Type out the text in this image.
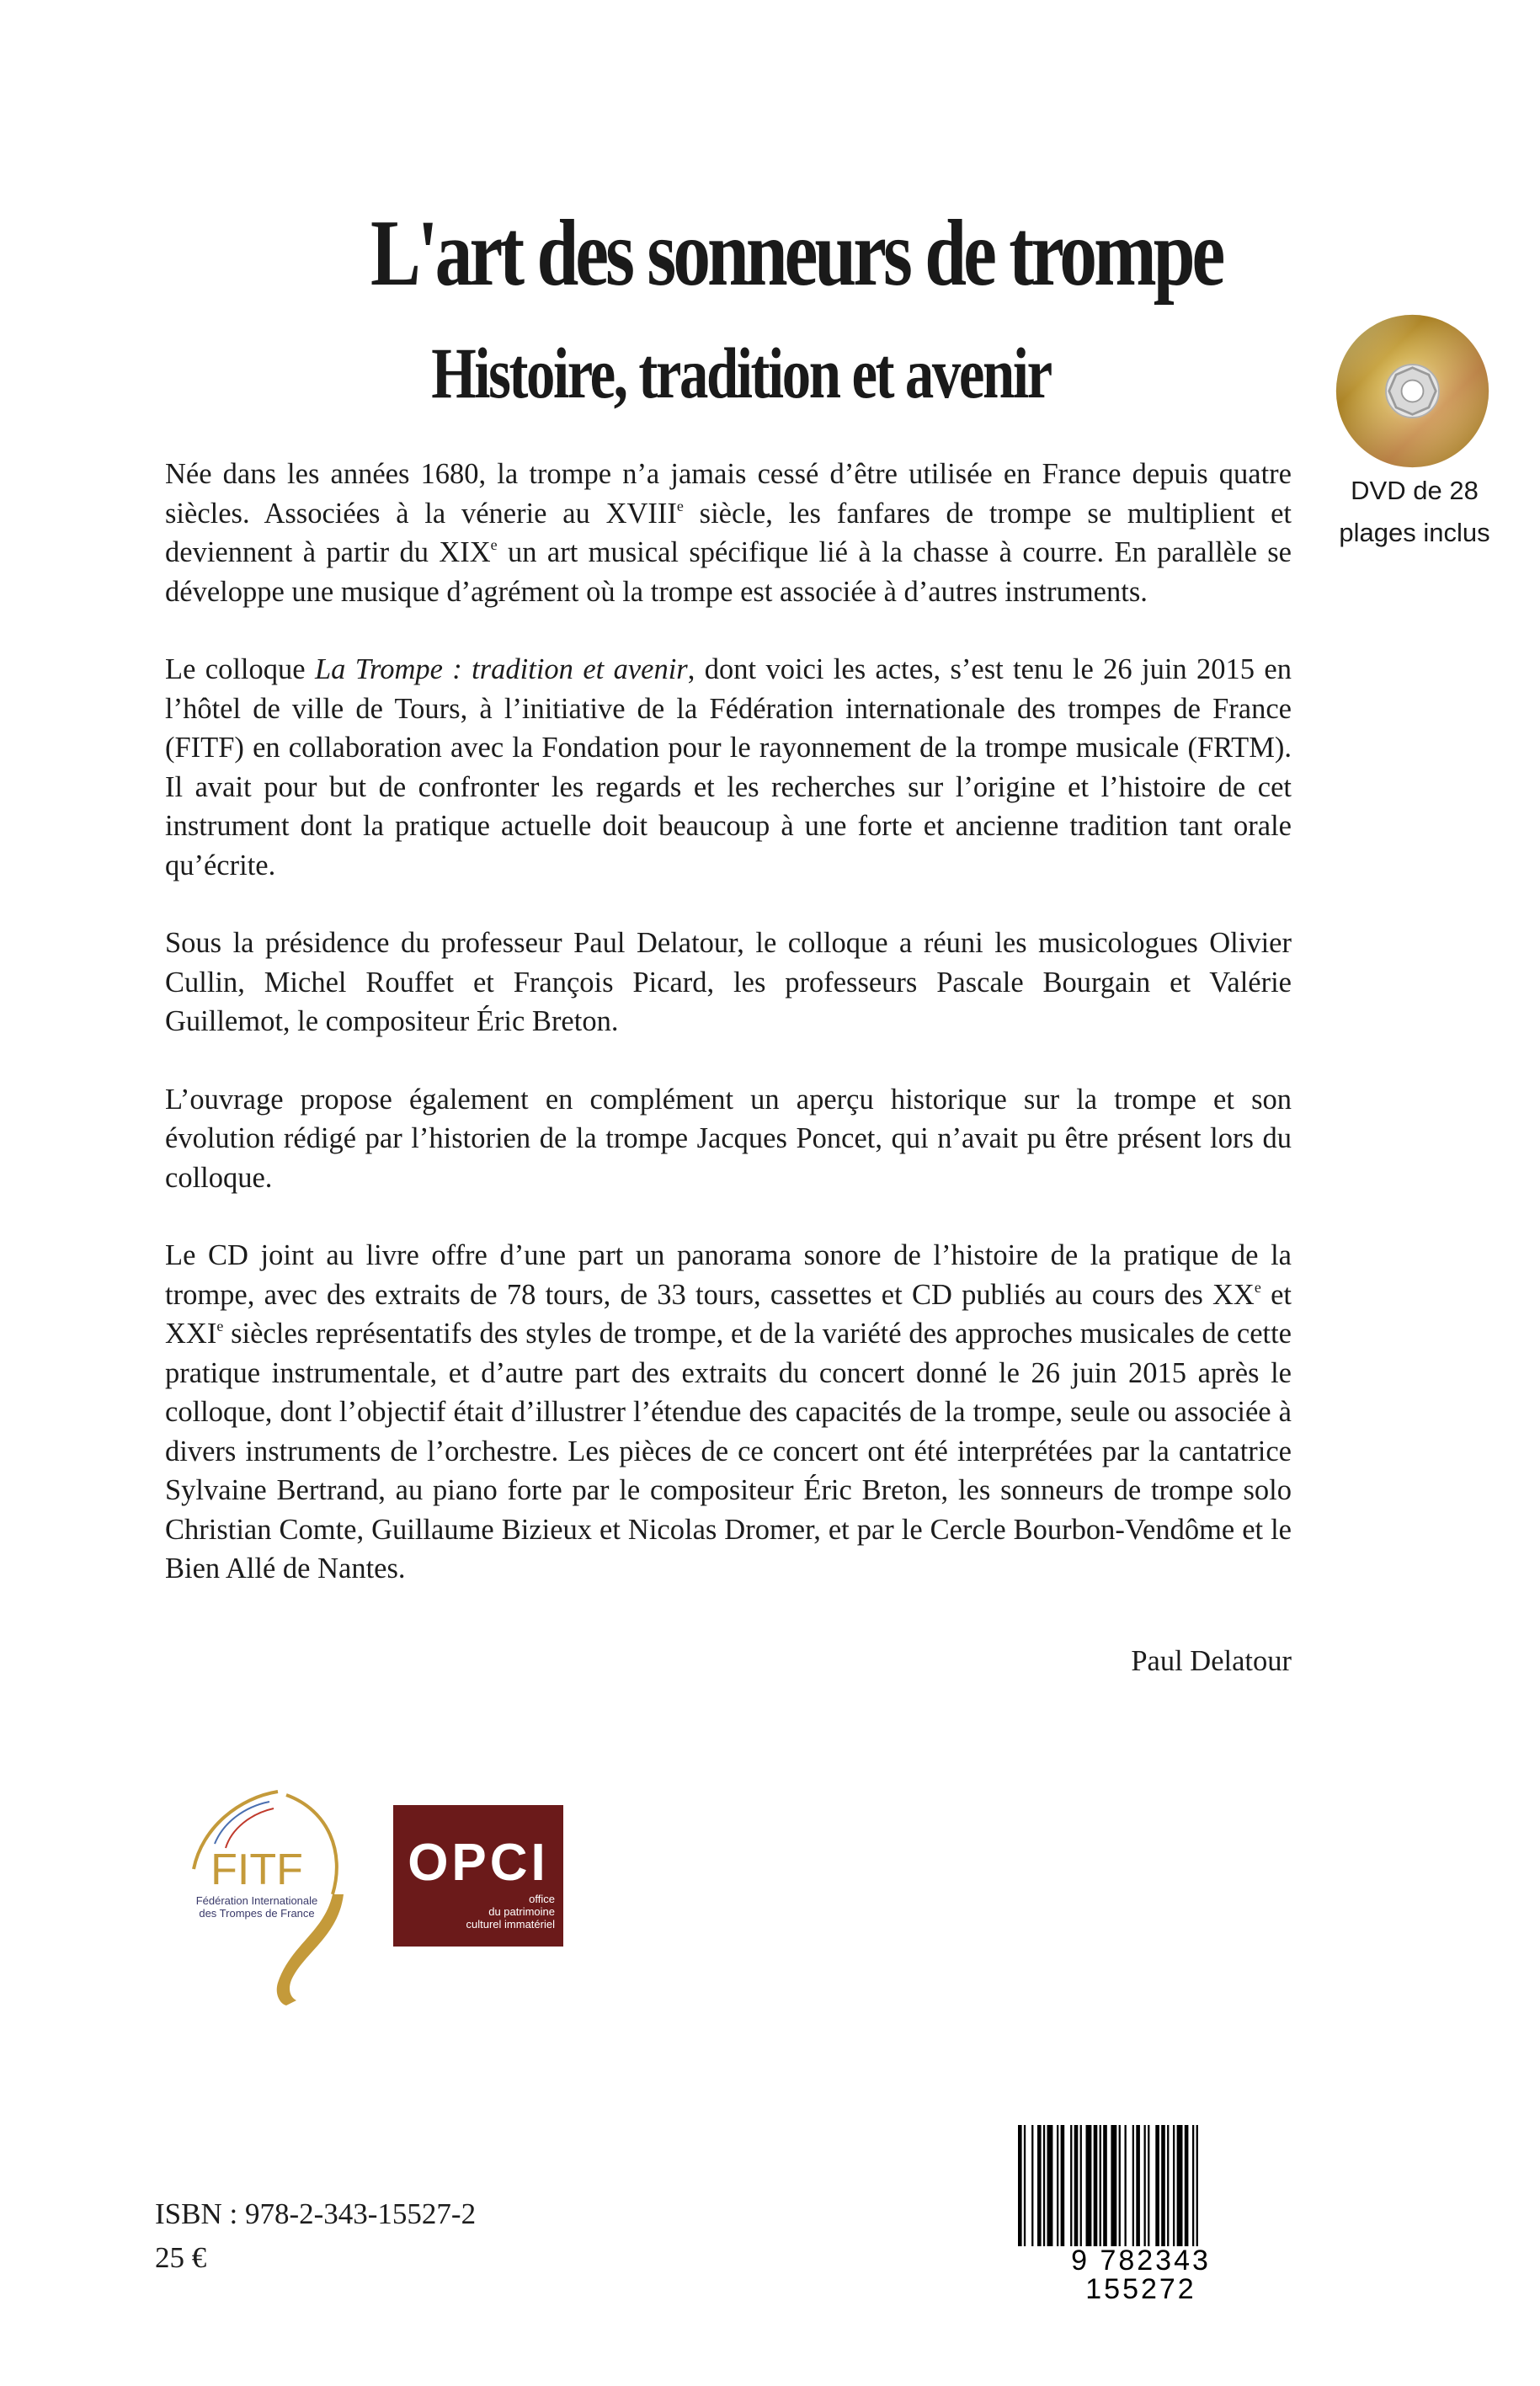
L'art des sonneurs de trompe
Histoire, tradition et avenir
DVD de 28
plages inclus

Née dans les années 1680, la trompe n’a jamais cessé d’être utilisée en France depuis quatre siècles. Associées à la vénerie au XVIIIe siècle, les fanfares de trompe se multiplient et deviennent à partir du XIXe un art musical spécifique lié à la chasse à courre. En parallèle se développe une musique d’agrément où la trompe est associée à d’autres instruments.

Le colloque La Trompe : tradition et avenir, dont voici les actes, s’est tenu le 26 juin 2015 en l’hôtel de ville de Tours, à l’initiative de la Fédération internationale des trompes de France (FITF) en collaboration avec la Fondation pour le rayonnement de la trompe musicale (FRTM). Il avait pour but de confronter les regards et les recherches sur l’origine et l’histoire de cet instrument dont la pratique actuelle doit beaucoup à une forte et ancienne tradition tant orale qu’écrite.

Sous la présidence du professeur Paul Delatour, le colloque a réuni les musicologues Olivier Cullin, Michel Rouffet et François Picard, les professeurs Pascale Bourgain et Valérie Guillemot, le compositeur Éric Breton.

L’ouvrage propose également en complément un aperçu historique sur la trompe et son évolution rédigé par l’historien de la trompe Jacques Poncet, qui n’avait pu être présent lors du colloque.

Le CD joint au livre offre d’une part un panorama sonore de l’histoire de la pratique de la trompe, avec des extraits de 78 tours, de 33 tours, cassettes et CD publiés au cours des XXe et XXIe siècles représentatifs des styles de trompe, et de la variété des approches musicales de cette pratique instrumentale, et d’autre part des extraits du concert donné le 26 juin 2015 après le colloque, dont l’objectif était d’illustrer l’étendue des capacités de la trompe, seule ou associée à divers instruments de l’orchestre. Les pièces de ce concert ont été interprétées par la cantatrice Sylvaine Bertrand, au piano forte par le compositeur Éric Breton, les sonneurs de trompe solo Christian Comte, Guillaume Bizieux et Nicolas Dromer, et par le Cercle Bourbon-Vendôme et le Bien Allé de Nantes.

Paul Delatour
FITF
Fédération Internationale
des Trompes de France
OPCI
office
du patrimoine
culturel immatériel
ISBN : 978-2-343-15527-2
25 €	9 782343 155272
